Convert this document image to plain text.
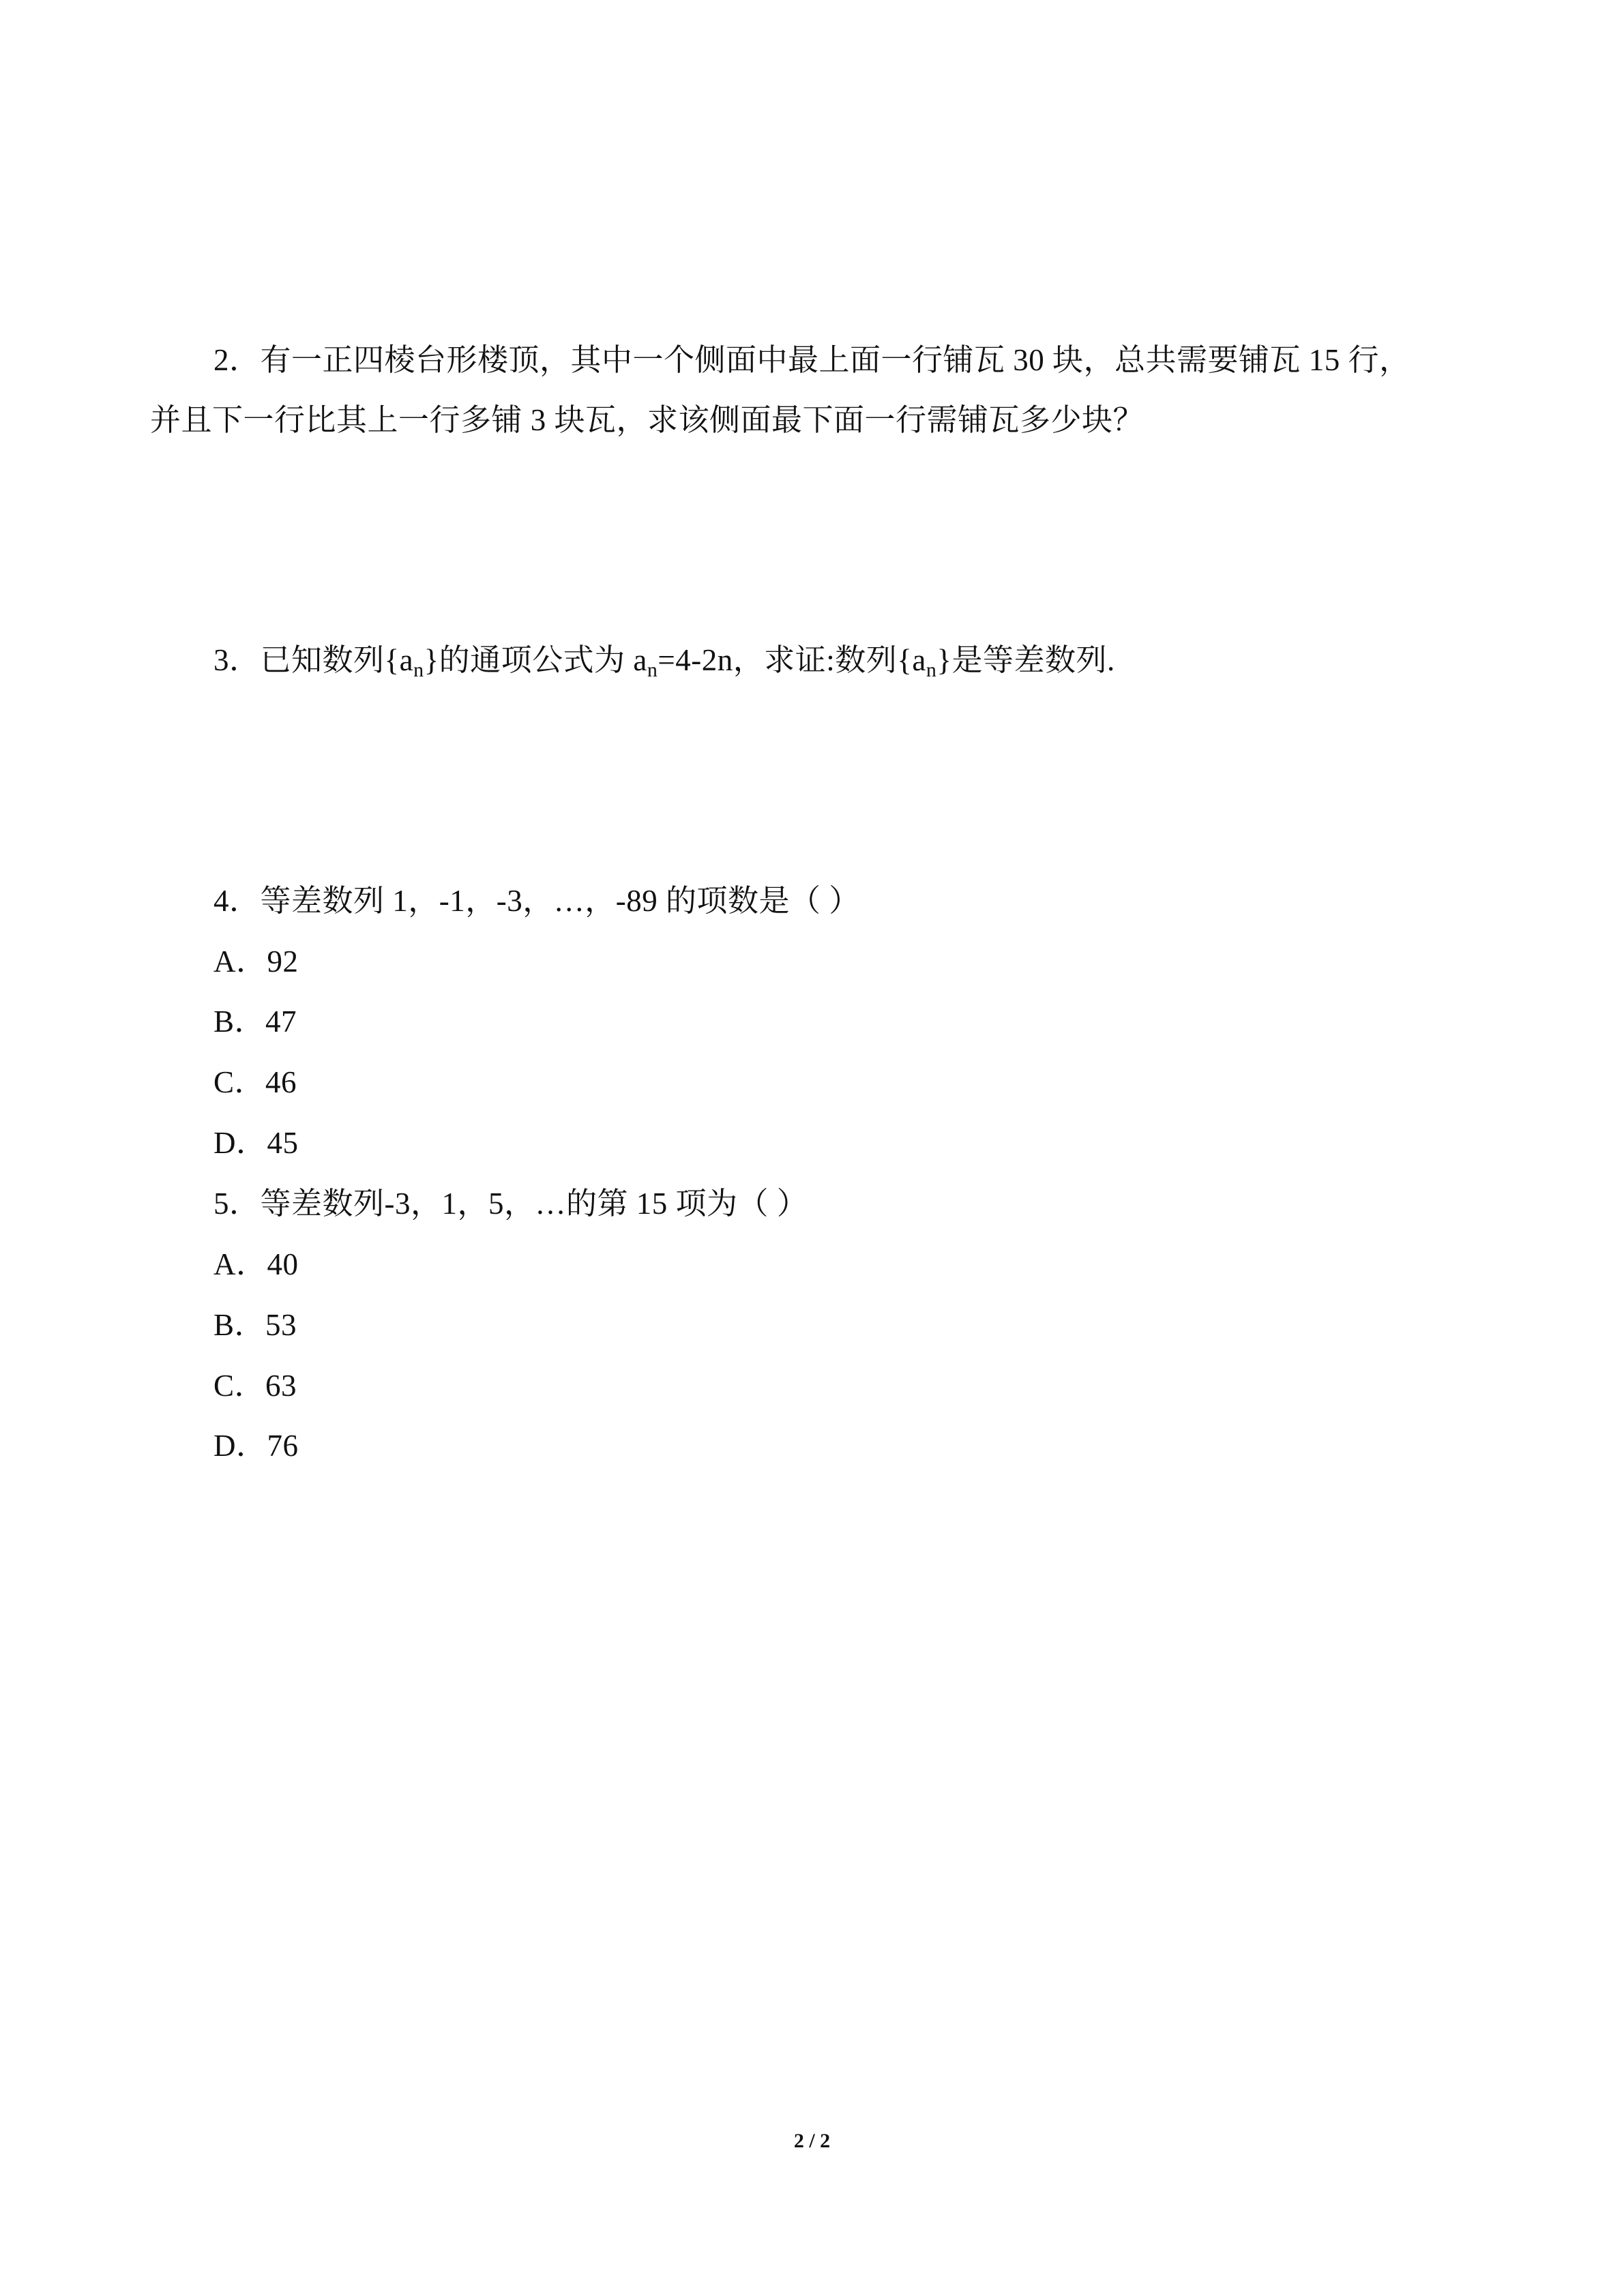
2．有一正四棱台形楼顶，其中一个侧面中最上面一行铺瓦 30 块，总共需要铺瓦 15 行，
并且下一行比其上一行多铺 3 块瓦，求该侧面最下面一行需铺瓦多少块？
3．已知数列$\{a_n\}$的通项公式为 $a_n=4-2n$，求证:数列$\{a_n\}$是等差数列.
4．等差数列 1，-1，-3，…，-89 的项数是（ ）
A．92
B．47
C．46
D．45
5．等差数列-3，1，5，…的第 15 项为（ ）
A．40
B．53
C．63
D．76
2 / 2
